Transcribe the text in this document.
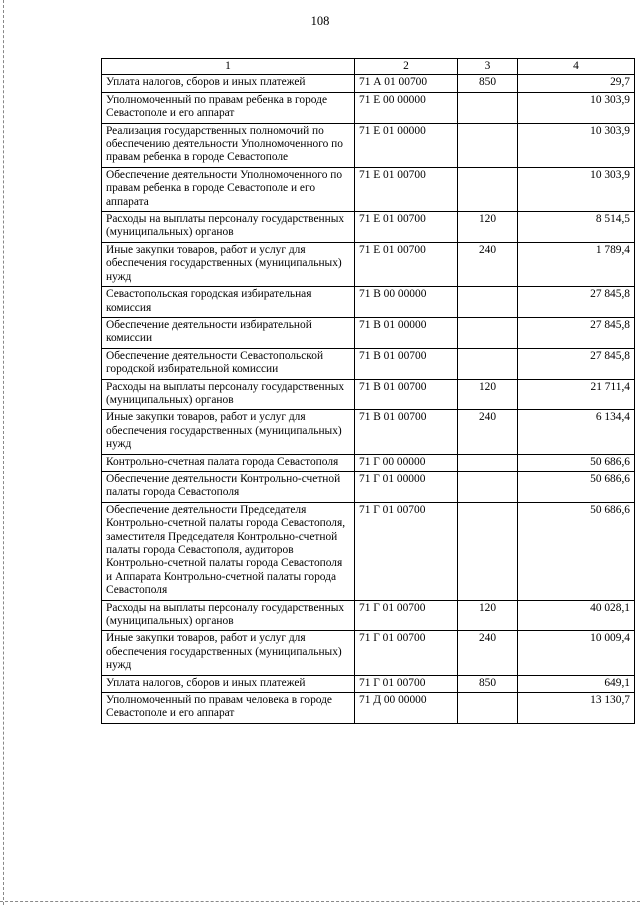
108
1	2	3	4
Уплата налогов, сборов и иных платежей	71 А 01 00700	850	29,7
Уполномоченный по правам ребенка в городе Севастополе и его аппарат	71 Е 00 00000		10 303,9
Реализация государственных полномочий по обеспечению деятельности Уполномоченного по правам ребенка в городе Севастополе	71 Е 01 00000		10 303,9
Обеспечение деятельности Уполномоченного по правам ребенка в городе Севастополе и его аппарата	71 Е 01 00700		10 303,9
Расходы на выплаты персоналу государственных (муниципальных) органов	71 Е 01 00700	120	8 514,5
Иные закупки товаров, работ и услуг для обеспечения государственных (муниципальных) нужд	71 Е 01 00700	240	1 789,4
Севастопольская городская избирательная комиссия	71 В 00 00000		27 845,8
Обеспечение деятельности избирательной комиссии	71 В 01 00000		27 845,8
Обеспечение деятельности Севастопольской городской избирательной комиссии	71 В 01 00700		27 845,8
Расходы на выплаты персоналу государственных (муниципальных) органов	71 В 01 00700	120	21 711,4
Иные закупки товаров, работ и услуг для обеспечения государственных (муниципальных) нужд	71 В 01 00700	240	6 134,4
Контрольно-счетная палата города Севастополя	71 Г 00 00000		50 686,6
Обеспечение деятельности Контрольно-счетной палаты города Севастополя	71 Г 01 00000		50 686,6
Обеспечение деятельности Председателя Контрольно-счетной палаты города Севастополя, заместителя Председателя Контрольно-счетной палаты города Севастополя, аудиторов Контрольно-счетной палаты города Севастополя и Аппарата Контрольно-счетной палаты города Севастополя	71 Г 01 00700		50 686,6
Расходы на выплаты персоналу государственных (муниципальных) органов	71 Г 01 00700	120	40 028,1
Иные закупки товаров, работ и услуг для обеспечения государственных (муниципальных) нужд	71 Г 01 00700	240	10 009,4
Уплата налогов, сборов и иных платежей	71 Г 01 00700	850	649,1
Уполномоченный по правам человека в городе Севастополе и его аппарат	71 Д 00 00000		13 130,7
